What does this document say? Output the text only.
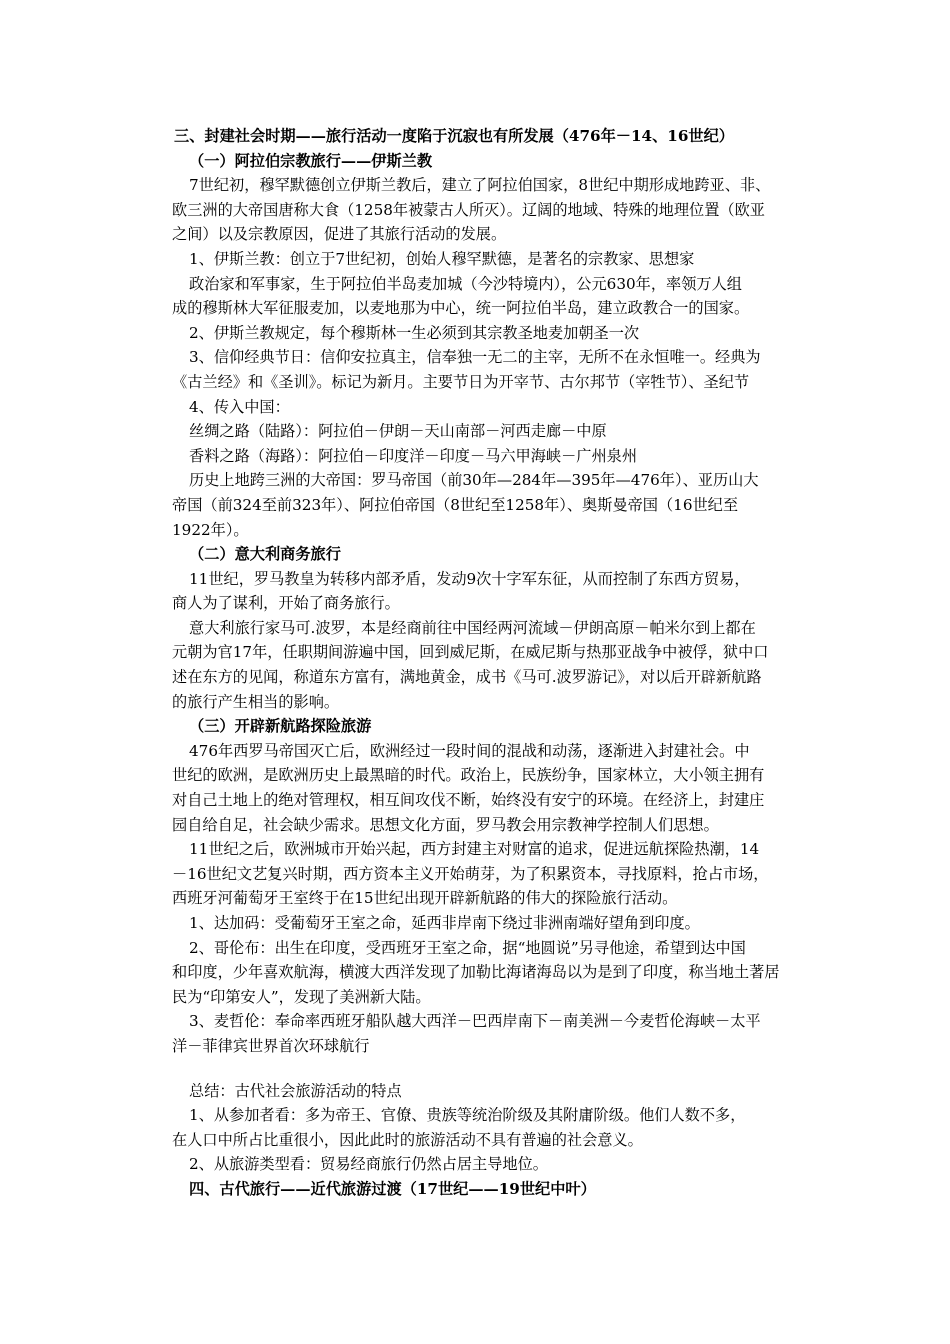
三、封建社会时期——旅行活动一度陷于沉寂也有所发展（476年－14、16世纪）
（一）阿拉伯宗教旅行——伊斯兰教
7世纪初，穆罕默德创立伊斯兰教后，建立了阿拉伯国家，8世纪中期形成地跨亚、非、
欧三洲的大帝国唐称大食（1258年被蒙古人所灭）。辽阔的地域、特殊的地理位置（欧亚
之间）以及宗教原因，促进了其旅行活动的发展。
1、伊斯兰教：创立于7世纪初，创始人穆罕默德，是著名的宗教家、思想家
政治家和军事家，生于阿拉伯半岛麦加城（今沙特境内），公元630年，率领万人组
成的穆斯林大军征服麦加，以麦地那为中心，统一阿拉伯半岛，建立政教合一的国家。
2、伊斯兰教规定，每个穆斯林一生必须到其宗教圣地麦加朝圣一次
3、信仰经典节日：信仰安拉真主，信奉独一无二的主宰，无所不在永恒唯一。经典为
《古兰经》和《圣训》。标记为新月。主要节日为开宰节、古尔邦节（宰牲节）、圣纪节
4、传入中国：
丝绸之路（陆路）：阿拉伯－伊朗－天山南部－河西走廊－中原
香料之路（海路）：阿拉伯－印度洋－印度－马六甲海峡－广州泉州
历史上地跨三洲的大帝国：罗马帝国（前30年—284年—395年—476年）、亚历山大
帝国（前324至前323年）、阿拉伯帝国（8世纪至1258年）、奥斯曼帝国（16世纪至
1922年）。
（二）意大利商务旅行
11世纪，罗马教皇为转移内部矛盾，发动9次十字军东征，从而控制了东西方贸易，
商人为了谋利，开始了商务旅行。
意大利旅行家马可.波罗，本是经商前往中国经两河流域－伊朗高原－帕米尔到上都在
元朝为官17年，任职期间游遍中国，回到威尼斯，在威尼斯与热那亚战争中被俘，狱中口
述在东方的见闻，称道东方富有，满地黄金，成书《马可.波罗游记》，对以后开辟新航路
的旅行产生相当的影响。
（三）开辟新航路探险旅游
476年西罗马帝国灭亡后，欧洲经过一段时间的混战和动荡，逐渐进入封建社会。中
世纪的欧洲，是欧洲历史上最黑暗的时代。政治上，民族纷争，国家林立，大小领主拥有
对自己土地上的绝对管理权，相互间攻伐不断，始终没有安宁的环境。在经济上，封建庄
园自给自足，社会缺少需求。思想文化方面，罗马教会用宗教神学控制人们思想。
11世纪之后，欧洲城市开始兴起，西方封建主对财富的追求，促进远航探险热潮，14
－16世纪文艺复兴时期，西方资本主义开始萌芽，为了积累资本，寻找原料，抢占市场，
西班牙河葡萄牙王室终于在15世纪出现开辟新航路的伟大的探险旅行活动。
1、达加码：受葡萄牙王室之命，延西非岸南下绕过非洲南端好望角到印度。
2、哥伦布：出生在印度，受西班牙王室之命，据“地圆说”另寻他途，希望到达中国
和印度，少年喜欢航海，横渡大西洋发现了加勒比海诸海岛以为是到了印度，称当地土著居
民为“印第安人”，发现了美洲新大陆。
3、麦哲伦：奉命率西班牙船队越大西洋－巴西岸南下－南美洲－今麦哲伦海峡－太平
洋－菲律宾世界首次环球航行
总结：古代社会旅游活动的特点
1、从参加者看：多为帝王、官僚、贵族等统治阶级及其附庸阶级。他们人数不多，
在人口中所占比重很小，因此此时的旅游活动不具有普遍的社会意义。
2、从旅游类型看：贸易经商旅行仍然占居主导地位。
四、古代旅行——近代旅游过渡（17世纪——19世纪中叶）
